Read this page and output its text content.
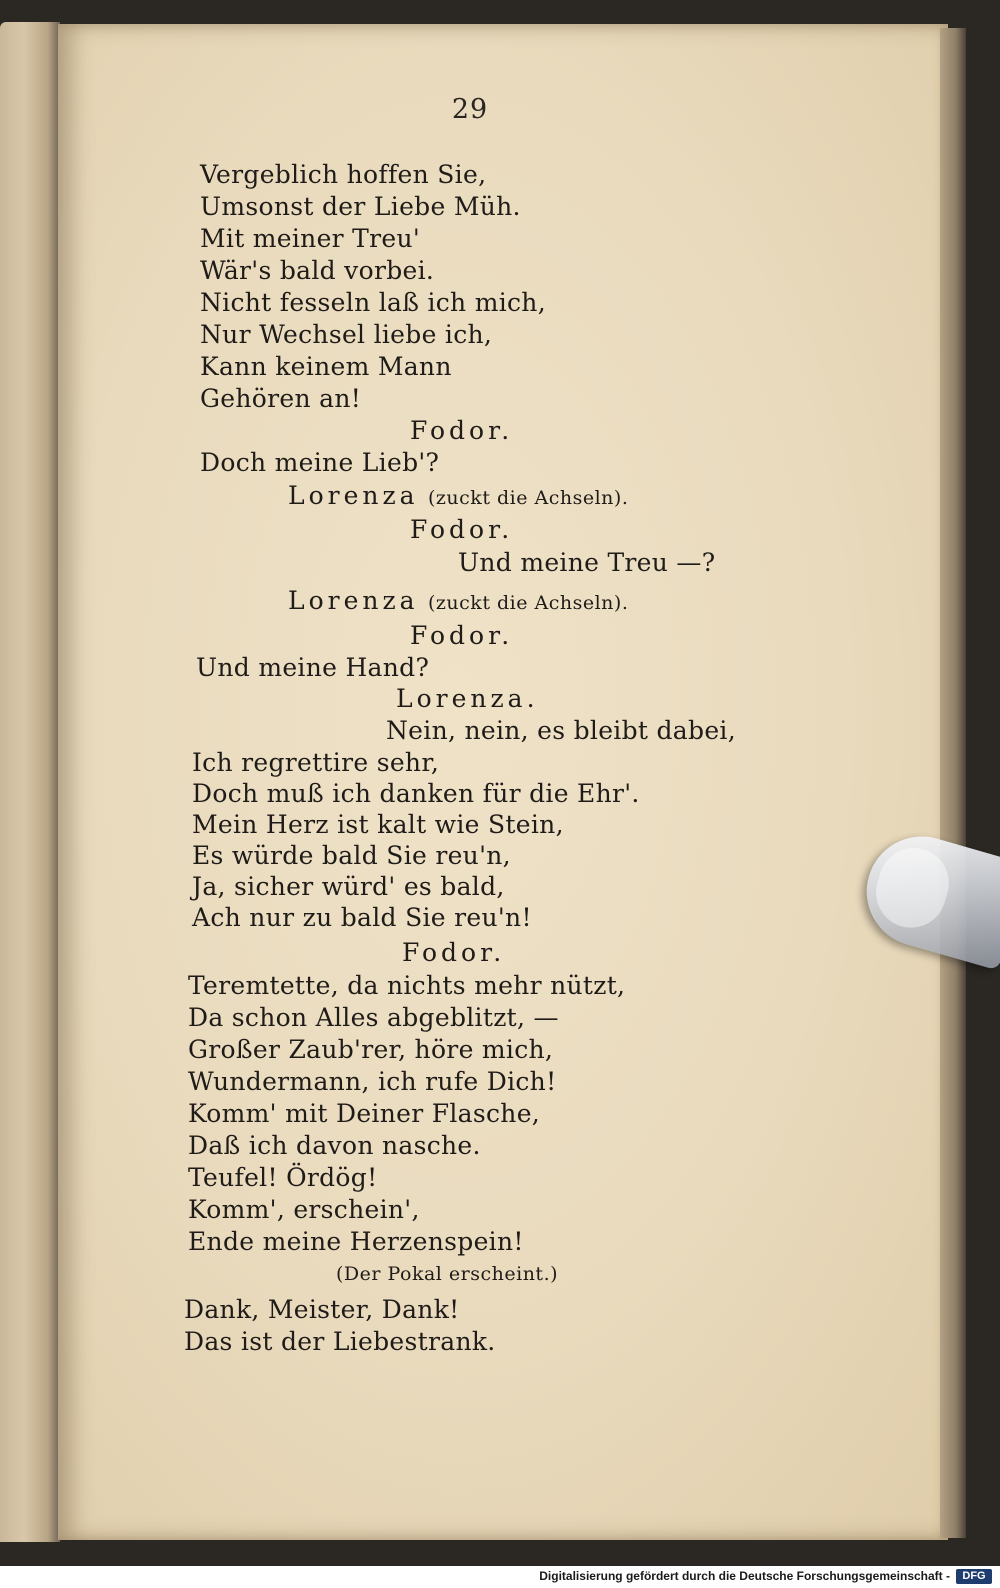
29
Vergeblich hoffen Sie,
Umsonst der Liebe Müh.
Mit meiner Treu'
Wär's bald vorbei.
Nicht fesseln laß ich mich,
Nur Wechsel liebe ich,
Kann keinem Mann
Gehören an!
Fodor.
Doch meine Lieb'?
Lorenza (zuckt die Achseln).
Fodor.
Und meine Treu —?
Lorenza (zuckt die Achseln).
Fodor.
Und meine Hand?
Lorenza.
Nein, nein, es bleibt dabei,
Ich regrettire sehr,
Doch muß ich danken für die Ehr'.
Mein Herz ist kalt wie Stein,
Es würde bald Sie reu'n,
Ja, sicher würd' es bald,
Ach nur zu bald Sie reu'n!
Fodor.
Teremtette, da nichts mehr nützt,
Da schon Alles abgeblitzt, —
Großer Zaub'rer, höre mich,
Wundermann, ich rufe Dich!
Komm' mit Deiner Flasche,
Daß ich davon nasche.
Teufel! Ördög!
Komm', erschein',
Ende meine Herzenspein!
(Der Pokal erscheint.)
Dank, Meister, Dank!
Das ist der Liebestrank.
Digitalisierung gefördert durch die Deutsche Forschungsgemeinschaft -	DFG
